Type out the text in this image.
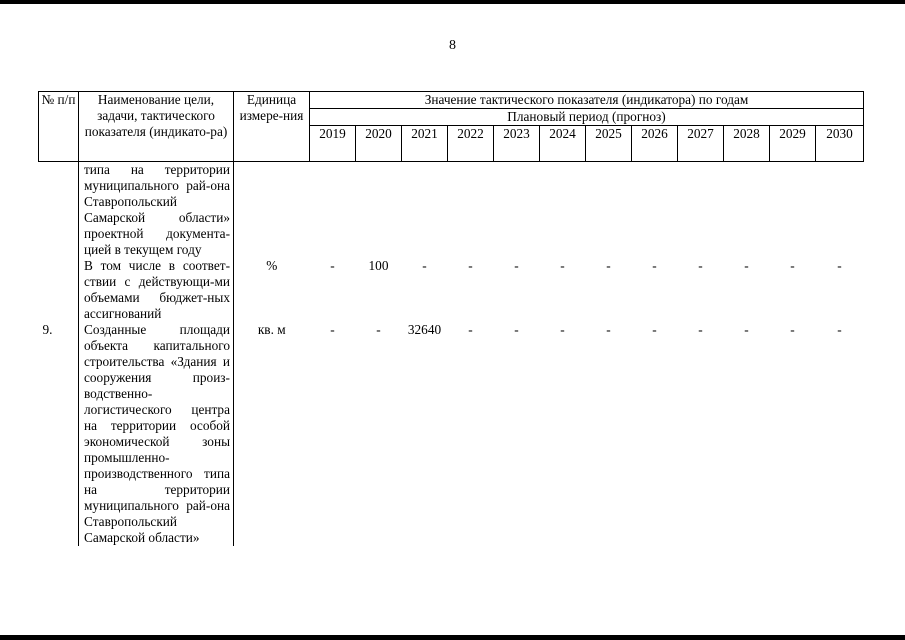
8
№ п/п	Наименование цели, задачи, тактического показателя (индикато-ра)	Единица измере-ния	Значение тактического показателя (индикатора) по годам											
			Плановый период (прогноз)											
			2019	2020	2021	2022	2023	2024	2025	2026	2027	2028	2029	2030
	типа на территории муниципального рай-она Ставропольский Самарской области» проектной документа-цией в текущем году													
	В том числе в соответ-ствии с действующи-ми объемами бюджет-ных ассигнований	%	-	100	-	-	-	-	-	-	-	-	-	-
9.	Созданные площади объекта капитального строительства «Здания и сооружения произ-водственно-логистического центра на территории особой экономической зоны промышленно-производственного типа на территории муниципального рай-она Ставропольский Самарской области»	кв. м	-	-	32640	-	-	-	-	-	-	-	-	-
